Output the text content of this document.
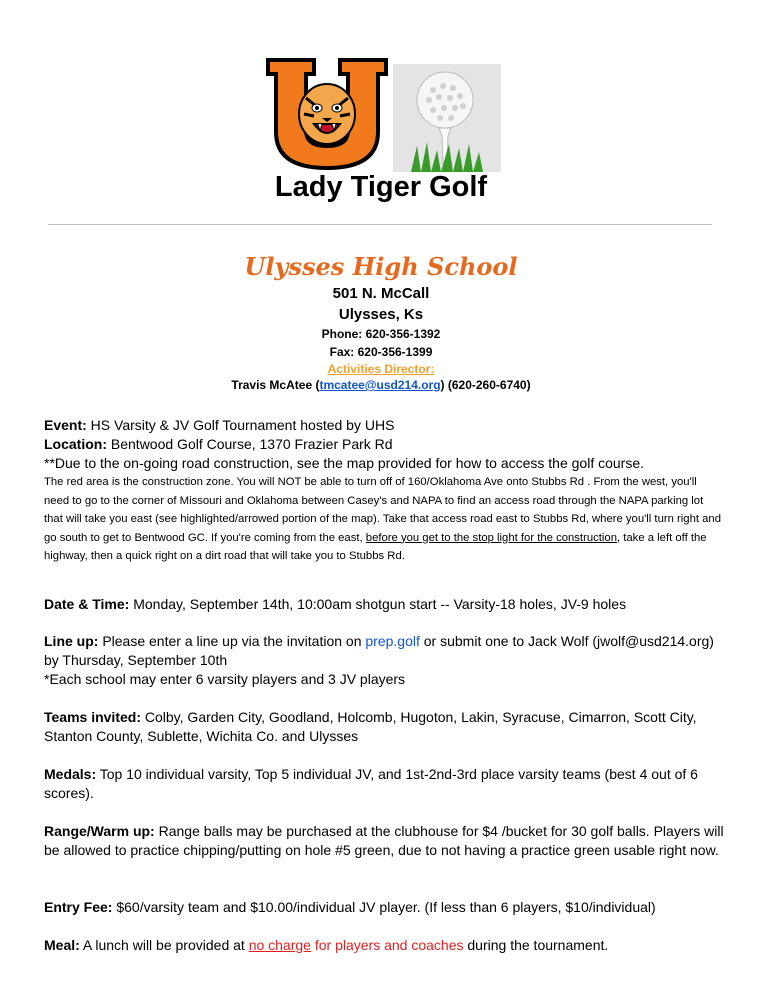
Lady Tiger Golf
Ulysses High School
501 N. McCall
Ulysses, Ks
Phone: 620-356-1392
Fax: 620-356-1399
Activities Director:
Travis McAtee (tmcatee@usd214.org) (620-260-6740)
Event: HS Varsity & JV Golf Tournament hosted by UHS
Location: Bentwood Golf Course, 1370 Frazier Park Rd
**Due to the on-going road construction, see the map provided for how to access the golf course.
The red area is the construction zone. You will NOT be able to turn off of 160/Oklahoma Ave onto Stubbs Rd . From the west, you'll need to go to the corner of Missouri and Oklahoma between Casey's and NAPA to find an access road through the NAPA parking lot that will take you east (see highlighted/arrowed portion of the map). Take that access road east to Stubbs Rd, where you'll turn right and go south to get to Bentwood GC. If you're coming from the east, before you get to the stop light for the construction, take a left off the highway, then a quick right on a dirt road that will take you to Stubbs Rd.
Date & Time: Monday, September 14th, 10:00am shotgun start -- Varsity-18 holes, JV-9 holes
Line up: Please enter a line up via the invitation on prep.golf or submit one to Jack Wolf (jwolf@usd214.org) by Thursday, September 10th
*Each school may enter 6 varsity players and 3 JV players
Teams invited: Colby, Garden City, Goodland, Holcomb, Hugoton, Lakin, Syracuse, Cimarron, Scott City, Stanton County, Sublette, Wichita Co. and Ulysses
Medals: Top 10 individual varsity, Top 5 individual JV, and 1st-2nd-3rd place varsity teams (best 4 out of 6 scores).
Range/Warm up: Range balls may be purchased at the clubhouse for $4 /bucket for 30 golf balls. Players will be allowed to practice chipping/putting on hole #5 green, due to not having a practice green usable right now.
Entry Fee: $60/varsity team and $10.00/individual JV player. (If less than 6 players, $10/individual)
Meal: A lunch will be provided at no charge for players and coaches during the tournament.
